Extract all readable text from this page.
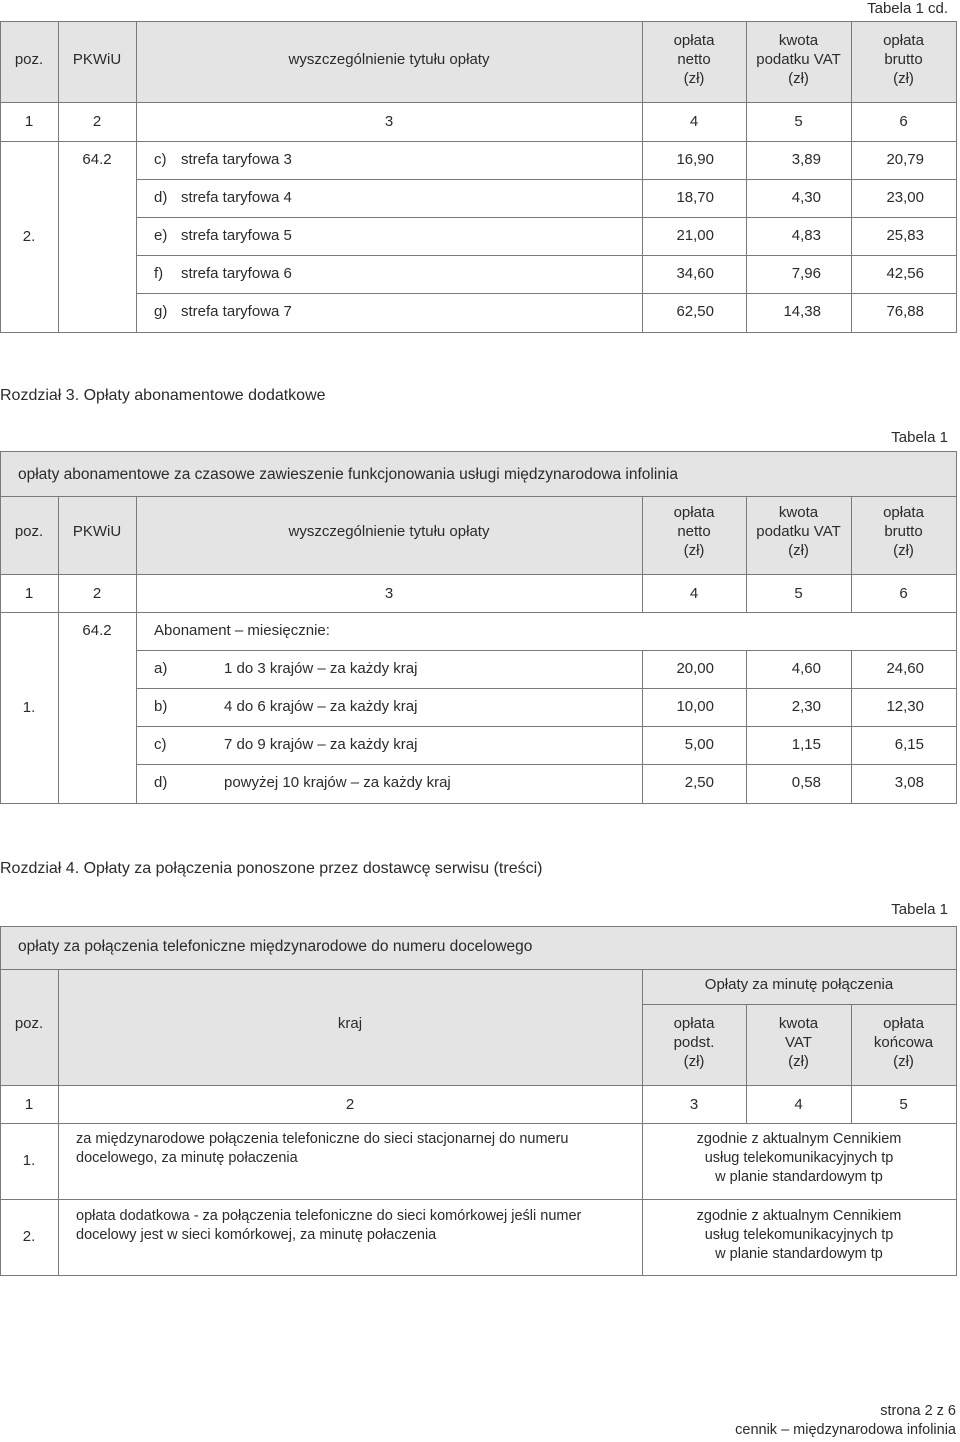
Tabela 1 cd.
poz.	PKWiU	wyszczególnienie tytułu opłaty
opłata
netto
(zł)
kwota
podatku VAT
(zł)
opłata
brutto
(zł)
1	2	3	4	5	6
2.
64.2	c) strefa taryfowa 3	16,90	3,89	20,79
d) strefa taryfowa 4	18,70	4,30	23,00
e) strefa taryfowa 5	21,00	4,83	25,83
f) strefa taryfowa 6	34,60	7,96	42,56
g) strefa taryfowa 7	62,50	14,38	76,88
Rozdział 3. Opłaty abonamentowe dodatkowe
Tabela 1
opłaty abonamentowe za czasowe zawieszenie funkcjonowania usługi międzynarodowa infolinia
poz.	PKWiU	wyszczególnienie tytułu opłaty
opłata
netto
(zł)
kwota
podatku VAT
(zł)
opłata
brutto
(zł)
1	2	3	4	5	6
1.
64.2	Abonament – miesięcznie:
a)	1 do 3 krajów – za każdy kraj	20,00	4,60	24,60
b)	4 do 6 krajów – za każdy kraj	10,00	2,30	12,30
c)	7 do 9 krajów – za każdy kraj	5,00	1,15	6,15
d)	powyżej 10 krajów – za każdy kraj	2,50	0,58	3,08
Rozdział 4. Opłaty za połączenia ponoszone przez dostawcę serwisu (treści)
Tabela 1
opłaty za połączenia telefoniczne międzynarodowe do numeru docelowego
Opłaty za minutę połączenia
poz.	kraj	opłata
podst.
(zł)
kwota
VAT
(zł)
opłata
końcowa
(zł)
1	2	3	4	5
1.
za międzynarodowe połączenia telefoniczne do sieci stacjonarnej do numeru
docelowego, za minutę połaczenia
zgodnie z aktualnym Cennikiem
usług telekomunikacyjnych tp
w planie standardowym tp
2.
opłata dodatkowa - za połączenia telefoniczne do sieci komórkowej jeśli numer
docelowy jest w sieci komórkowej, za minutę połaczenia
zgodnie z aktualnym Cennikiem
usług telekomunikacyjnych tp
w planie standardowym tp
strona 2 z 6
cennik – międzynarodowa infolinia
